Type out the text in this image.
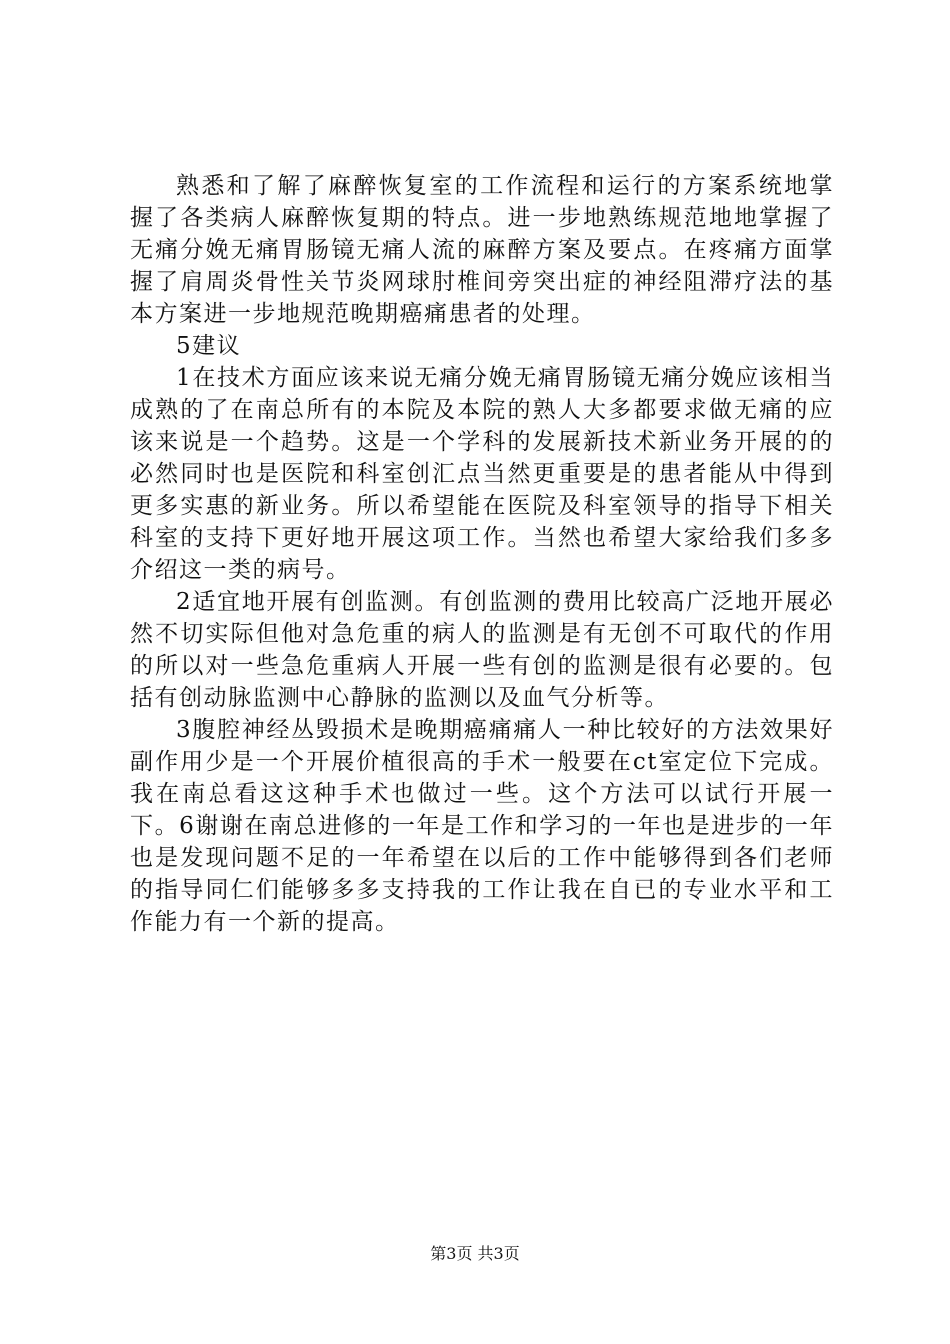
熟悉和了解了麻醉恢复室的工作流程和运行的方案系统地掌握了各类病人麻醉恢复期的特点。进一步地熟练规范地地掌握了无痛分娩无痛胃肠镜无痛人流的麻醉方案及要点。在疼痛方面掌握了肩周炎骨性关节炎网球肘椎间旁突出症的神经阻滞疗法的基本方案进一步地规范晚期癌痛患者的处理。

5建议

1在技术方面应该来说无痛分娩无痛胃肠镜无痛分娩应该相当成熟的了在南总所有的本院及本院的熟人大多都要求做无痛的应该来说是一个趋势。这是一个学科的发展新技术新业务开展的的必然同时也是医院和科室创汇点当然更重要是的患者能从中得到更多实惠的新业务。所以希望能在医院及科室领导的指导下相关科室的支持下更好地开展这项工作。当然也希望大家给我们多多介绍这一类的病号。

2适宜地开展有创监测。有创监测的费用比较高广泛地开展必然不切实际但他对急危重的病人的监测是有无创不可取代的作用的所以对一些急危重病人开展一些有创的监测是很有必要的。包括有创动脉监测中心静脉的监测以及血气分析等。

3腹腔神经丛毁损术是晚期癌痛痛人一种比较好的方法效果好副作用少是一个开展价植很高的手术一般要在ct室定位下完成。我在南总看这这种手术也做过一些。这个方法可以试行开展一下。6谢谢在南总进修的一年是工作和学习的一年也是进步的一年也是发现问题不足的一年希望在以后的工作中能够得到各们老师的指导同仁们能够多多支持我的工作让我在自已的专业水平和工作能力有一个新的提高。

第3页 共3页
